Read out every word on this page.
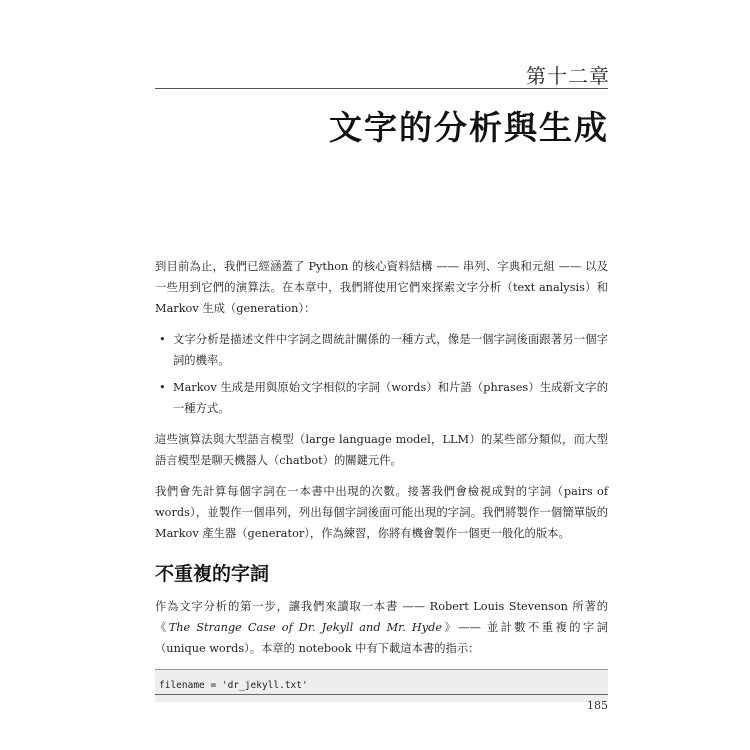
第十二章
文字的分析與生成

到目前為止，我們已經涵蓋了 Python 的核心資料結構 —— 串列、字典和元組 —— 以及一些用到它們的演算法。在本章中，我們將使用它們來探索文字分析（text analysis）和 Markov 生成（generation）：

• 文字分析是描述文件中字詞之間統計關係的一種方式，像是一個字詞後面跟著另一個字詞的機率。
• Markov 生成是用與原始文字相似的字詞（words）和片語（phrases）生成新文字的一種方式。

這些演算法與大型語言模型（large language model，LLM）的某些部分類似，而大型語言模型是聊天機器人（chatbot）的關鍵元件。

我們會先計算每個字詞在一本書中出現的次數。接著我們會檢視成對的字詞（pairs of words），並製作一個串列，列出每個字詞後面可能出現的字詞。我們將製作一個簡單版的 Markov 產生器（generator），作為練習，你將有機會製作一個更一般化的版本。

不重複的字詞

作為文字分析的第一步，讓我們來讀取一本書 —— Robert Louis Stevenson 所著的《The Strange Case of Dr. Jekyll and Mr. Hyde》—— 並計數不重複的字詞（unique words）。本章的 notebook 中有下載這本書的指示：

filename = 'dr_jekyll.txt'
185
